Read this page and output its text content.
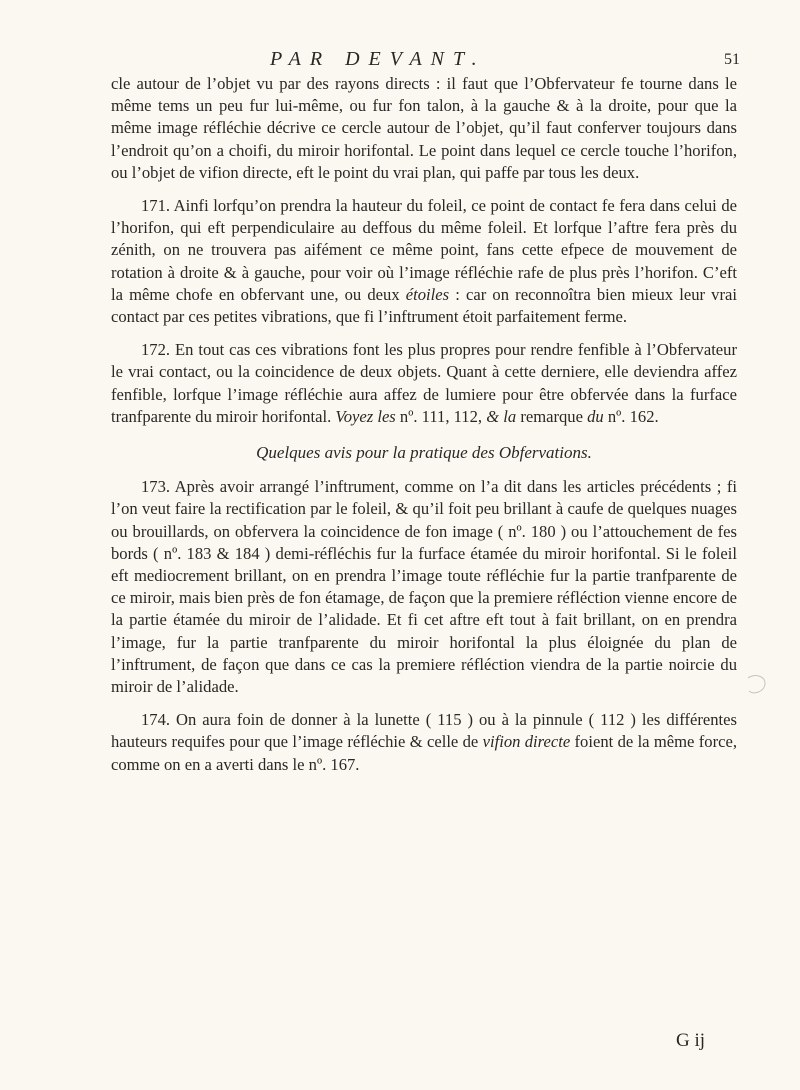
PAR DEVANT.	51

cle autour de l’objet vu par des rayons directs : il faut que l’Obfervateur fe tourne dans le même tems un peu fur lui-même, ou fur fon talon, à la gauche & à la droite, pour que la même image réfléchie décrive ce cercle autour de l’objet, qu’il faut conferver toujours dans l’endroit qu’on a choifi, du miroir horifontal. Le point dans lequel ce cercle touche l’horifon, ou l’objet de vifion directe, eft le point du vrai plan, qui paffe par tous les deux.

171. Ainfi lorfqu’on prendra la hauteur du foleil, ce point de contact fe fera dans celui de l’horifon, qui eft perpendiculaire au deffous du même foleil. Et lorfque l’aftre fera près du zénith, on ne trouvera pas aifément ce même point, fans cette efpece de mouvement de rotation à droite & à gauche, pour voir où l’image réfléchie rafe de plus près l’horifon. C’eft la même chofe en obfervant une, ou deux étoiles : car on reconnoîtra bien mieux leur vrai contact par ces petites vibrations, que fi l’inftrument étoit parfaitement ferme.

172. En tout cas ces vibrations font les plus propres pour rendre fenfible à l’Obfervateur le vrai contact, ou la coincidence de deux objets. Quant à cette derniere, elle deviendra affez fenfible, lorfque l’image réfléchie aura affez de lumiere pour être obfervée dans la furface tranfparente du miroir horifontal. Voyez les nº. 111, 112, & la remarque du nº. 162.

Quelques avis pour la pratique des Obfervations.

173. Après avoir arrangé l’inftrument, comme on l’a dit dans les articles précédents ; fi l’on veut faire la rectification par le foleil, & qu’il foit peu brillant à caufe de quelques nuages ou brouillards, on obfervera la coincidence de fon image ( nº. 180 ) ou l’attouchement de fes bords ( nº. 183 & 184 ) demi-réfléchis fur la furface étamée du miroir horifontal. Si le foleil eft mediocrement brillant, on en prendra l’image toute réfléchie fur la partie tranfparente de ce miroir, mais bien près de fon étamage, de façon que la premiere réfléction vienne encore de la partie étamée du miroir de l’alidade. Et fi cet aftre eft tout à fait brillant, on en prendra l’image, fur la partie tranfparente du miroir horifontal la plus éloignée du plan de l’inftrument, de façon que dans ce cas la premiere réfléction viendra de la partie noircie du miroir de l’alidade.

174. On aura foin de donner à la lunette ( 115 ) ou à la pinnule ( 112 ) les différentes hauteurs requifes pour que l’image réfléchie & celle de vifion directe foient de la même force, comme on en a averti dans le nº. 167.

G ij
